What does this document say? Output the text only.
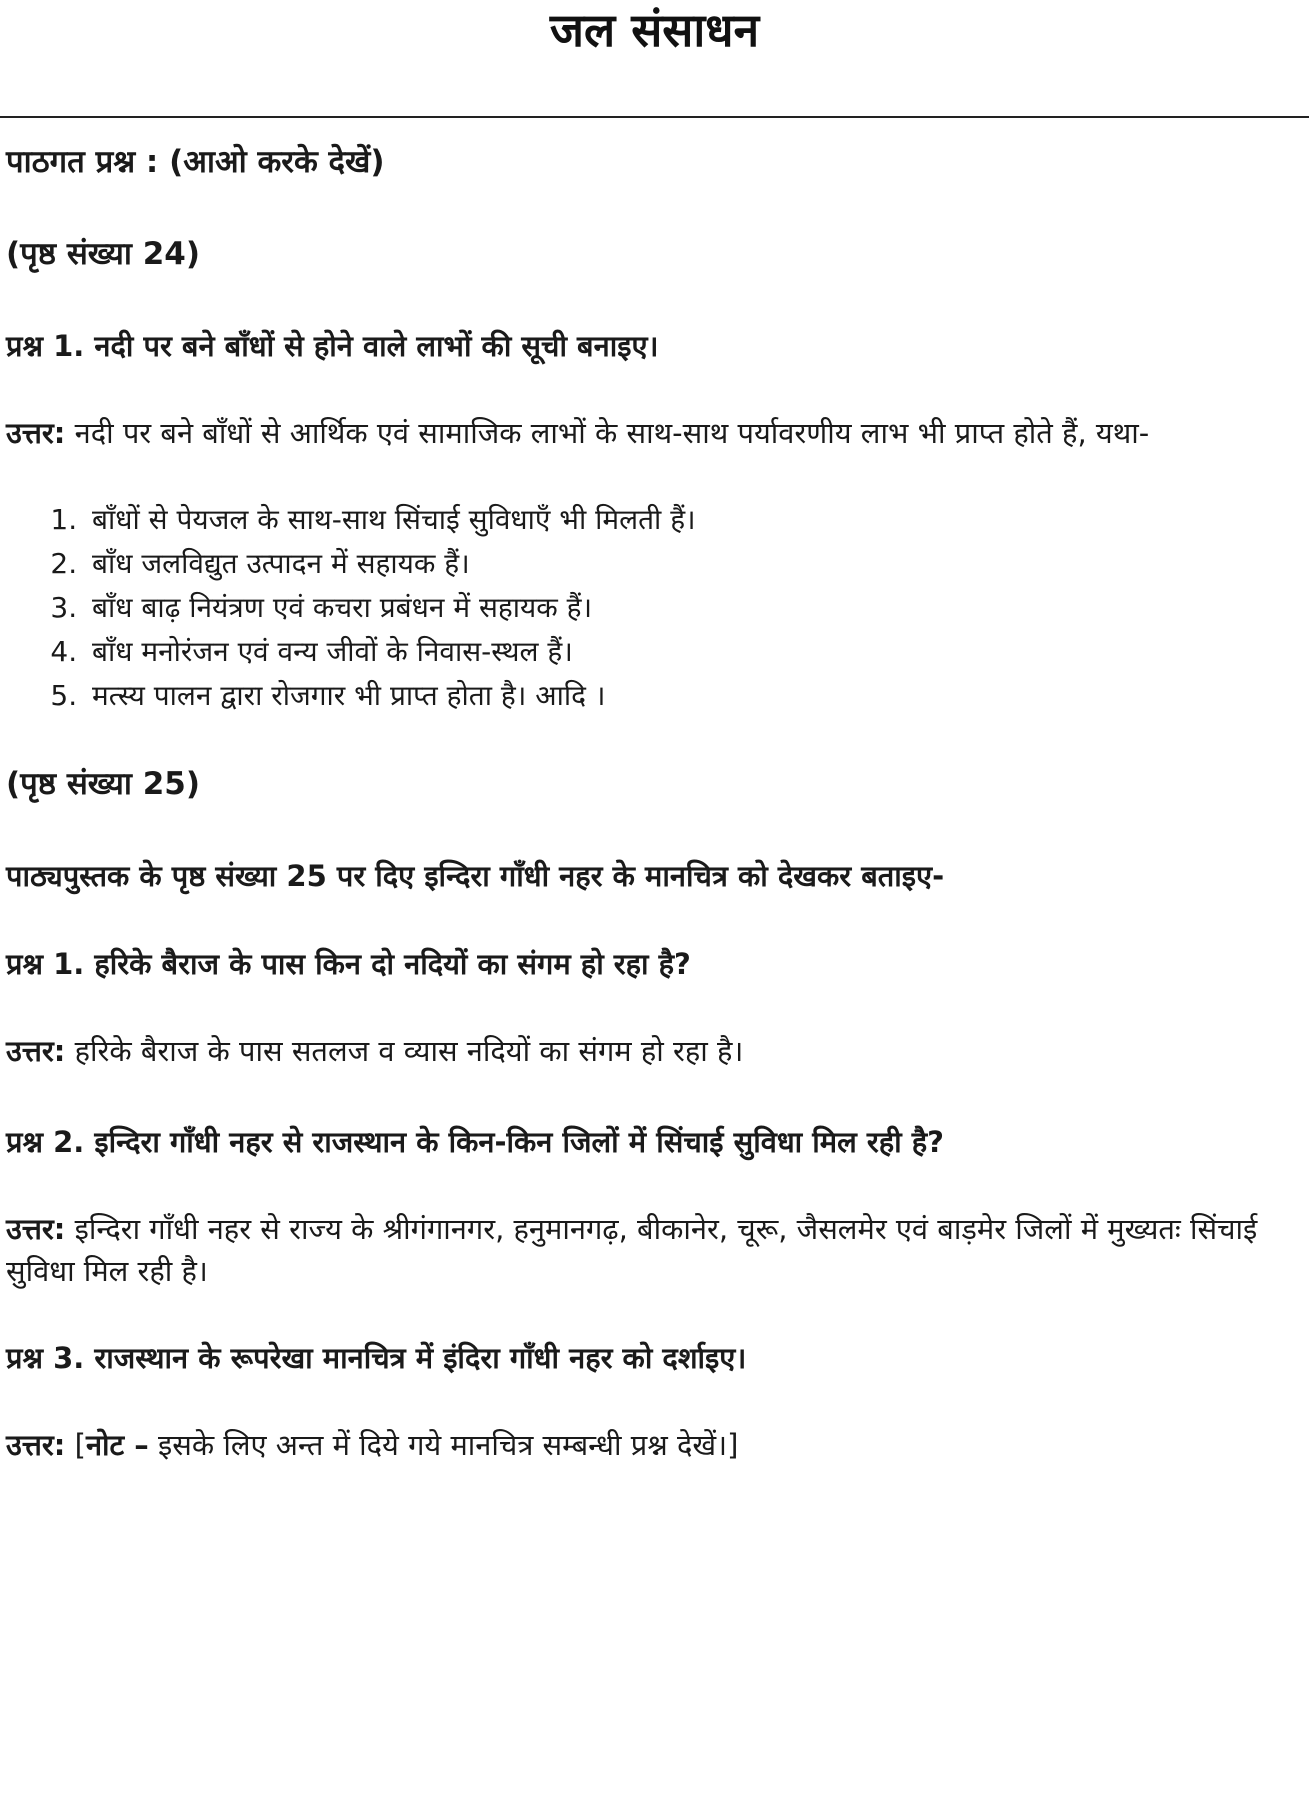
जल संसाधन

पाठगत प्रश्न : (आओ करके देखें)

(पृष्ठ संख्या 24)

प्रश्न 1. नदी पर बने बाँधों से होने वाले लाभों की सूची बनाइए।

उत्तर: नदी पर बने बाँधों से आर्थिक एवं सामाजिक लाभों के साथ-साथ पर्यावरणीय लाभ भी प्राप्त होते हैं, यथा-

1. बाँधों से पेयजल के साथ-साथ सिंचाई सुविधाएँ भी मिलती हैं।
2. बाँध जलविद्युत उत्पादन में सहायक हैं।
3. बाँध बाढ़ नियंत्रण एवं कचरा प्रबंधन में सहायक हैं।
4. बाँध मनोरंजन एवं वन्य जीवों के निवास-स्थल हैं।
5. मत्स्य पालन द्वारा रोजगार भी प्राप्त होता है। आदि ।

(पृष्ठ संख्या 25)

पाठ्यपुस्तक के पृष्ठ संख्या 25 पर दिए इन्दिरा गाँधी नहर के मानचित्र को देखकर बताइए-

प्रश्न 1. हरिके बैराज के पास किन दो नदियों का संगम हो रहा है?

उत्तर: हरिके बैराज के पास सतलज व व्यास नदियों का संगम हो रहा है।

प्रश्न 2. इन्दिरा गाँधी नहर से राजस्थान के किन-किन जिलों में सिंचाई सुविधा मिल रही है?

उत्तर: इन्दिरा गाँधी नहर से राज्य के श्रीगंगानगर, हनुमानगढ़, बीकानेर, चूरू, जैसलमेर एवं बाड़मेर जिलों में मुख्यतः सिंचाई सुविधा मिल रही है।

प्रश्न 3. राजस्थान के रूपरेखा मानचित्र में इंदिरा गाँधी नहर को दर्शाइए।

उत्तर: [नोट – इसके लिए अन्त में दिये गये मानचित्र सम्बन्धी प्रश्न देखें।]
